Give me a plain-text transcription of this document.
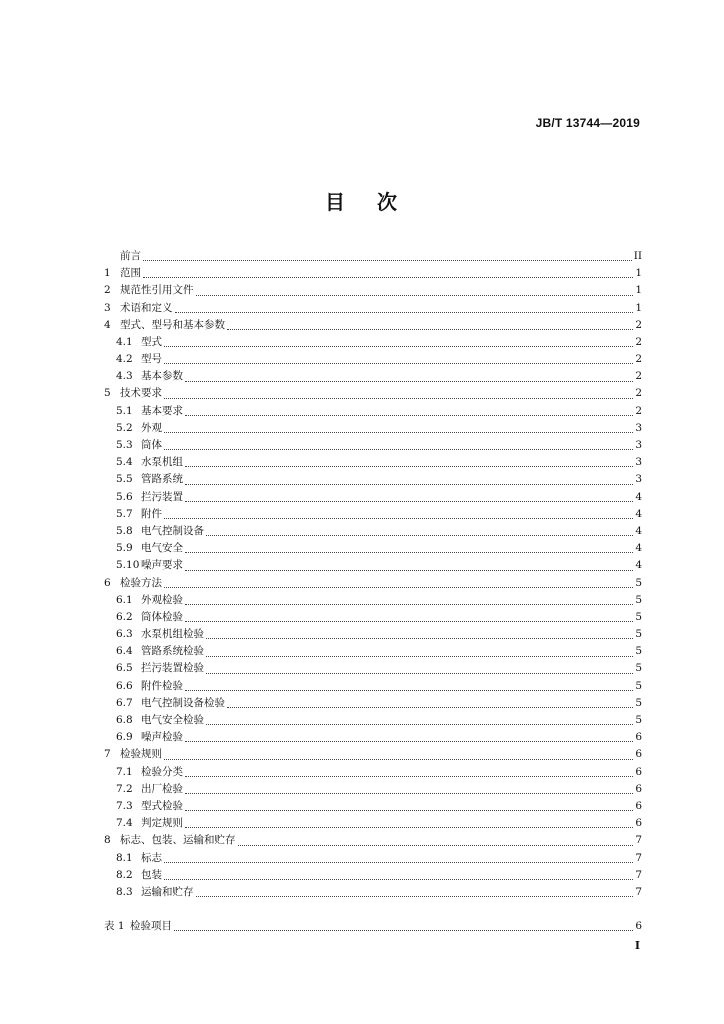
JB/T 13744—2019
目 次
前言	II
1 范围	1
2 规范性引用文件	1
3 术语和定义	1
4 型式、型号和基本参数	2
4.1 型式	2
4.2 型号	2
4.3 基本参数	2
5 技术要求	2
5.1 基本要求	2
5.2 外观	3
5.3 筒体	3
5.4 水泵机组	3
5.5 管路系统	3
5.6 拦污装置	4
5.7 附件	4
5.8 电气控制设备	4
5.9 电气安全	4
5.10 噪声要求	4
6 检验方法	5
6.1 外观检验	5
6.2 筒体检验	5
6.3 水泵机组检验	5
6.4 管路系统检验	5
6.5 拦污装置检验	5
6.6 附件检验	5
6.7 电气控制设备检验	5
6.8 电气安全检验	5
6.9 噪声检验	6
7 检验规则	6
7.1 检验分类	6
7.2 出厂检验	6
7.3 型式检验	6
7.4 判定规则	6
8 标志、包装、运输和贮存	7
8.1 标志	7
8.2 包装	7
8.3 运输和贮存	7
表 1 检验项目	6
I
